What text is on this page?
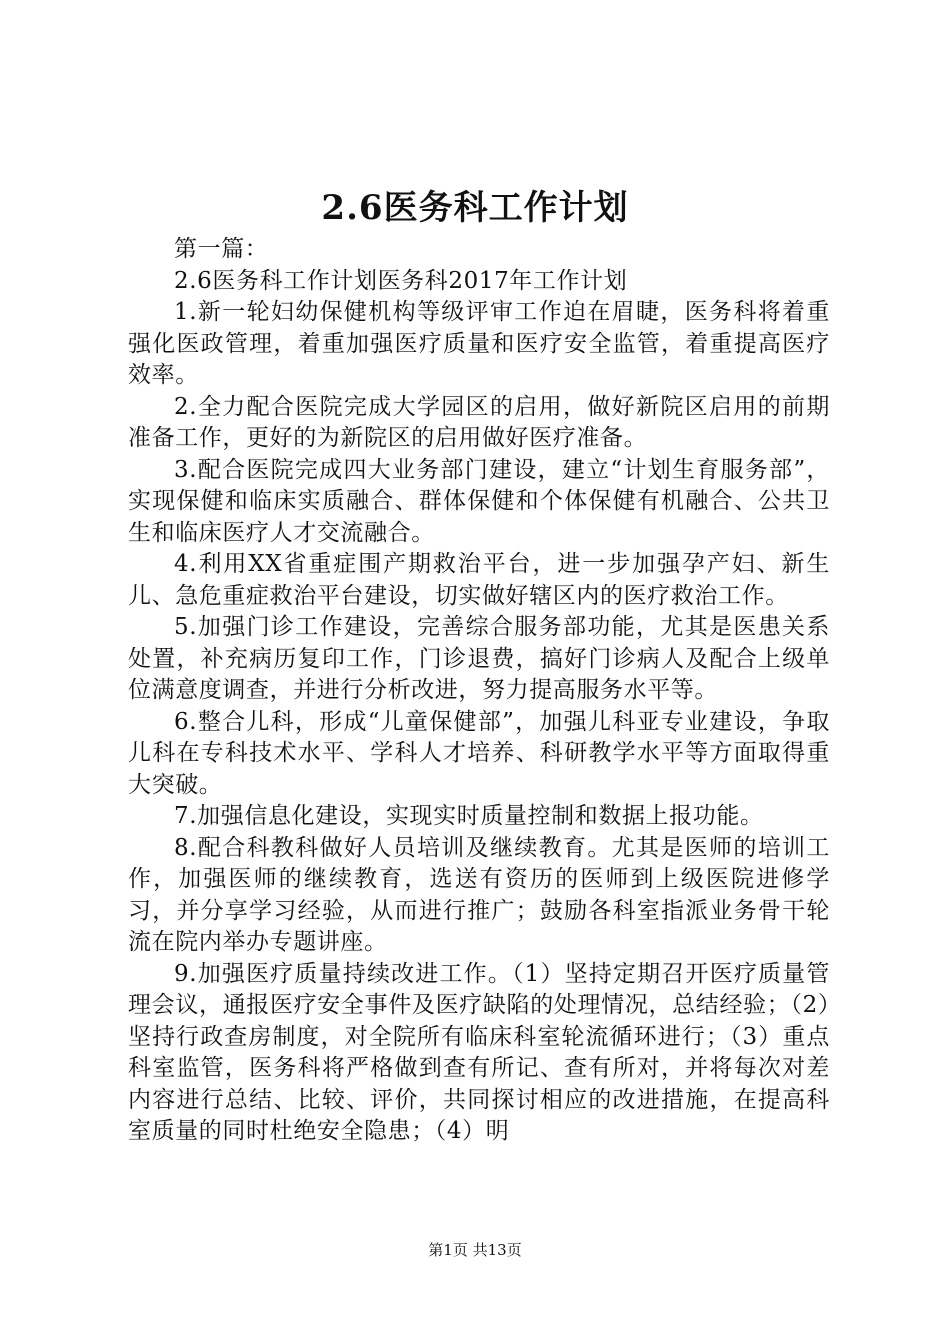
2.6医务科工作计划

第一篇：

2.6医务科工作计划医务科2017年工作计划

1.新一轮妇幼保健机构等级评审工作迫在眉睫，医务科将着重强化医政管理，着重加强医疗质量和医疗安全监管，着重提高医疗效率。

2.全力配合医院完成大学园区的启用，做好新院区启用的前期准备工作，更好的为新院区的启用做好医疗准备。

3.配合医院完成四大业务部门建设，建立“计划生育服务部”，实现保健和临床实质融合、群体保健和个体保健有机融合、公共卫生和临床医疗人才交流融合。

4.利用XX省重症围产期救治平台，进一步加强孕产妇、新生儿、急危重症救治平台建设，切实做好辖区内的医疗救治工作。

5.加强门诊工作建设，完善综合服务部功能，尤其是医患关系处置，补充病历复印工作，门诊退费，搞好门诊病人及配合上级单位满意度调查，并进行分析改进，努力提高服务水平等。

6.整合儿科，形成“儿童保健部”，加强儿科亚专业建设，争取儿科在专科技术水平、学科人才培养、科研教学水平等方面取得重大突破。

7.加强信息化建设，实现实时质量控制和数据上报功能。

8.配合科教科做好人员培训及继续教育。尤其是医师的培训工作，加强医师的继续教育，选送有资历的医师到上级医院进修学习，并分享学习经验，从而进行推广；鼓励各科室指派业务骨干轮流在院内举办专题讲座。

9.加强医疗质量持续改进工作。（1）坚持定期召开医疗质量管理会议，通报医疗安全事件及医疗缺陷的处理情况，总结经验；（2）坚持行政查房制度，对全院所有临床科室轮流循环进行；（3）重点科室监管，医务科将严格做到查有所记、查有所对，并将每次对差内容进行总结、比较、评价，共同探讨相应的改进措施，在提高科室质量的同时杜绝安全隐患；（4）明

第1页 共13页
